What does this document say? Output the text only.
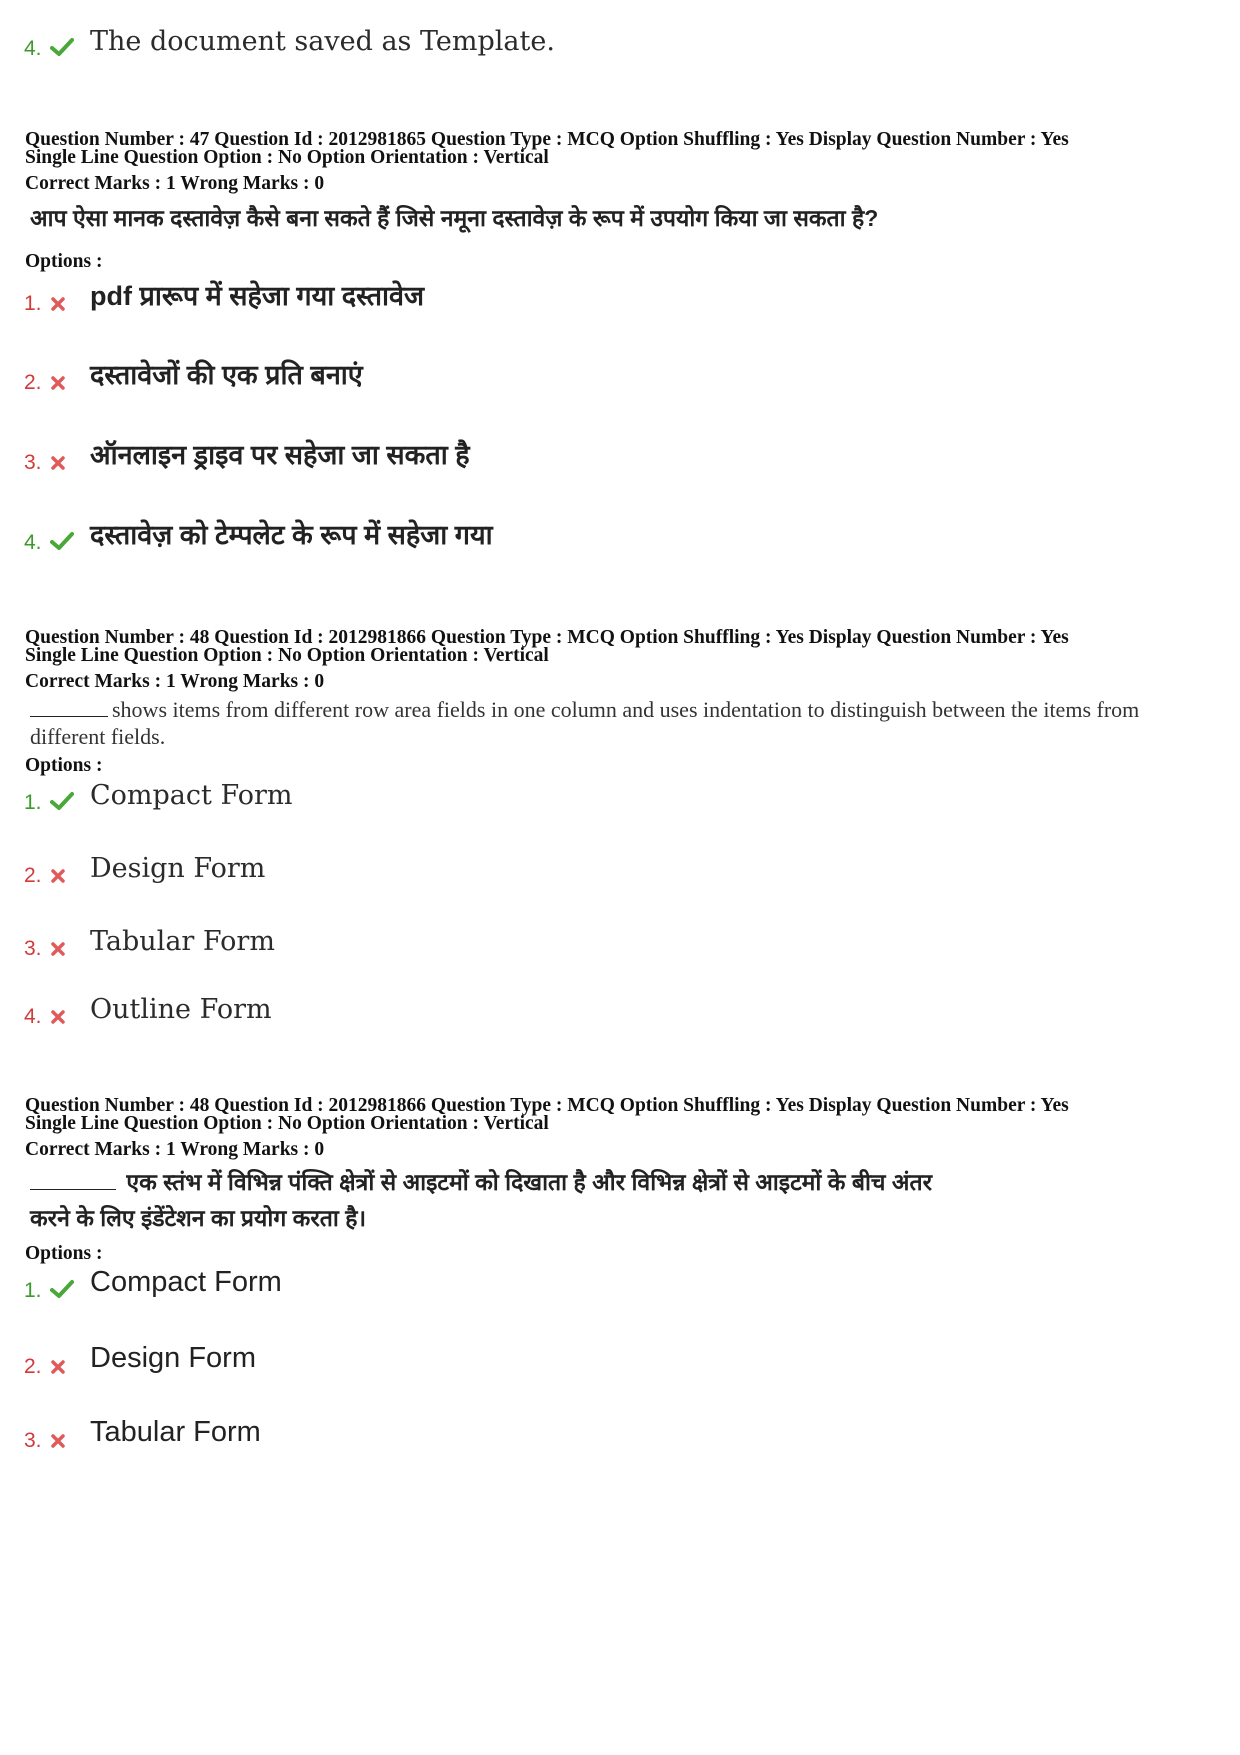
4.	The document saved as Template.
Question Number : 47 Question Id : 2012981865 Question Type : MCQ Option Shuffling : Yes Display Question Number : Yes
Single Line Question Option : No Option Orientation : Vertical
Correct Marks : 1 Wrong Marks : 0
आप ऐसा मानक दस्तावेज़ कैसे बना सकते हैं जिसे नमूना दस्तावेज़ के रूप में उपयोग किया जा सकता है?
Options :
1.	pdf प्रारूप में सहेजा गया दस्तावेज
2.	दस्तावेजों की एक प्रति बनाएं
3.	ऑनलाइन ड्राइव पर सहेजा जा सकता है
4.	दस्तावेज़ को टेम्पलेट के रूप में सहेजा गया
Question Number : 48 Question Id : 2012981866 Question Type : MCQ Option Shuffling : Yes Display Question Number : Yes
Single Line Question Option : No Option Orientation : Vertical
Correct Marks : 1 Wrong Marks : 0
shows items from different row area fields in one column and uses indentation to distinguish between the items from different fields.
Options :
1.	Compact Form
2.	Design Form
3.	Tabular Form
4.	Outline Form
Question Number : 48 Question Id : 2012981866 Question Type : MCQ Option Shuffling : Yes Display Question Number : Yes
Single Line Question Option : No Option Orientation : Vertical
Correct Marks : 1 Wrong Marks : 0
एक स्तंभ में विभिन्न पंक्ति क्षेत्रों से आइटमों को दिखाता है और विभिन्न क्षेत्रों से आइटमों के बीच अंतर
करने के लिए इंडेंटेशन का प्रयोग करता है।
Options :
1. Compact Form
2. Design Form
3. Tabular Form
